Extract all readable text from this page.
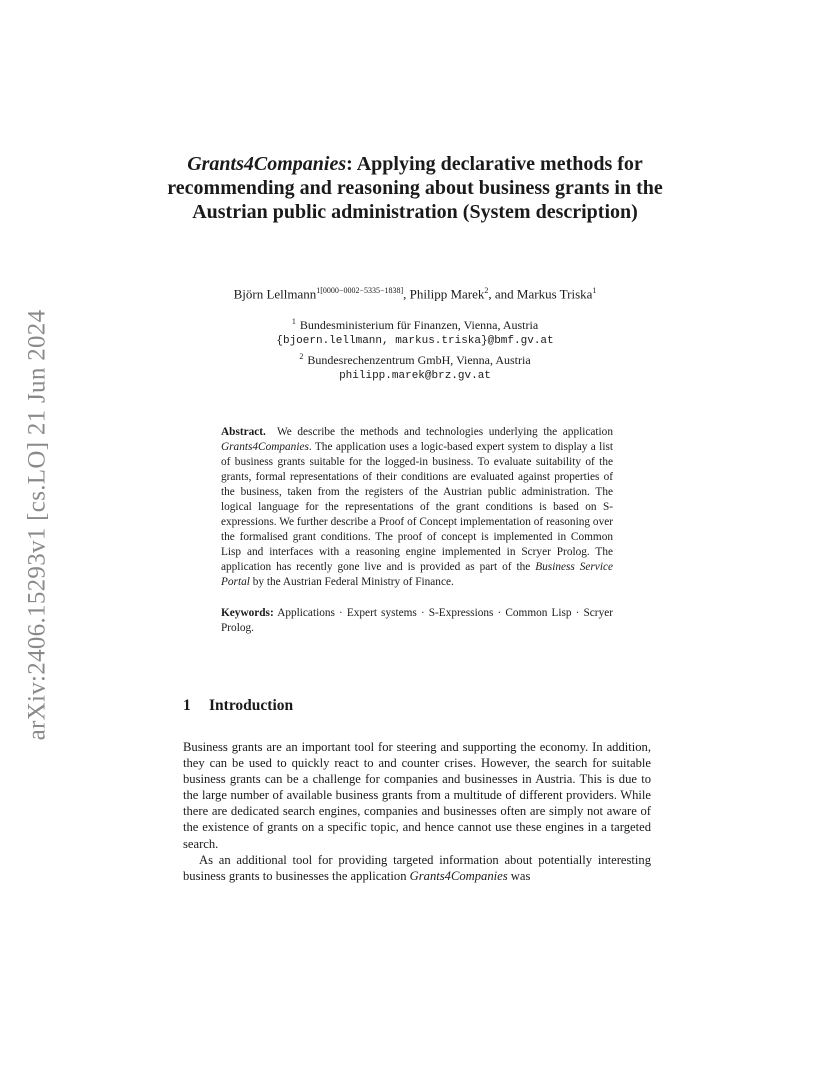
arXiv:2406.15293v1 [cs.LO] 21 Jun 2024
Grants4Companies: Applying declarative methods for recommending and reasoning about business grants in the Austrian public administration (System description)
Björn Lellmann$^{1[0000-0002-5335-1838]}$, Philipp Marek$^2$, and Markus Triska$^1$
$^1$ Bundesministerium für Finanzen, Vienna, Austria
{bjoern.lellmann, markus.triska}@bmf.gv.at
$^2$ Bundesrechenzentrum GmbH, Vienna, Austria
philipp.marek@brz.gv.at
Abstract. We describe the methods and technologies underlying the application Grants4Companies. The application uses a logic-based expert system to display a list of business grants suitable for the logged-in business. To evaluate suitability of the grants, formal representations of their conditions are evaluated against properties of the business, taken from the registers of the Austrian public administration. The logical language for the representations of the grant conditions is based on S-expressions. We further describe a Proof of Concept implementation of reasoning over the formalised grant conditions. The proof of concept is implemented in Common Lisp and interfaces with a reasoning engine implemented in Scryer Prolog. The application has recently gone live and is provided as part of the Business Service Portal by the Austrian Federal Ministry of Finance.
Keywords: Applications · Expert systems · S-Expressions · Common Lisp · Scryer Prolog.
1 Introduction

Business grants are an important tool for steering and supporting the economy. In addition, they can be used to quickly react to and counter crises. However, the search for suitable business grants can be a challenge for companies and businesses in Austria. This is due to the large number of available business grants from a multitude of different providers. While there are dedicated search engines, companies and businesses often are simply not aware of the existence of grants on a specific topic, and hence cannot use these engines in a targeted search.

As an additional tool for providing targeted information about potentially interesting business grants to businesses the application Grants4Companies was
